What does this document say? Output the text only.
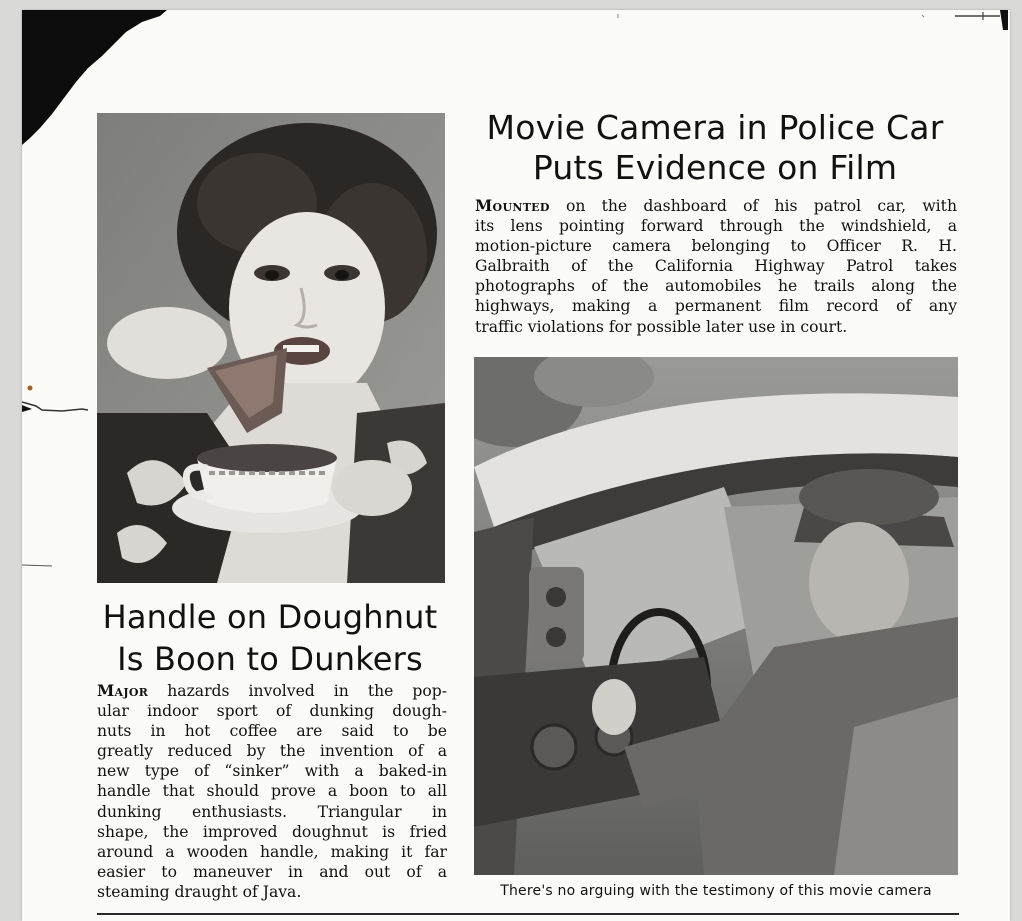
Movie Camera in Police Car
Puts Evidence on Film
Mounted on the dashboard of his patrol car, with
its lens pointing forward through the windshield, a
motion-picture camera belonging to Officer R. H.
Galbraith of the California Highway Patrol takes
photographs of the automobiles he trails along the
highways, making a permanent film record of any
traffic violations for possible later use in court.

There's no arguing with the testimony of this movie camera

Handle on Doughnut
Is Boon to Dunkers
Major hazards involved in the pop-
ular indoor sport of dunking dough-
nuts in hot coffee are said to be
greatly reduced by the invention of a
new type of “sinker” with a baked-in
handle that should prove a boon to all
dunking enthusiasts. Triangular in
shape, the improved doughnut is fried
around a wooden handle, making it far
easier to maneuver in and out of a
steaming draught of Java.
